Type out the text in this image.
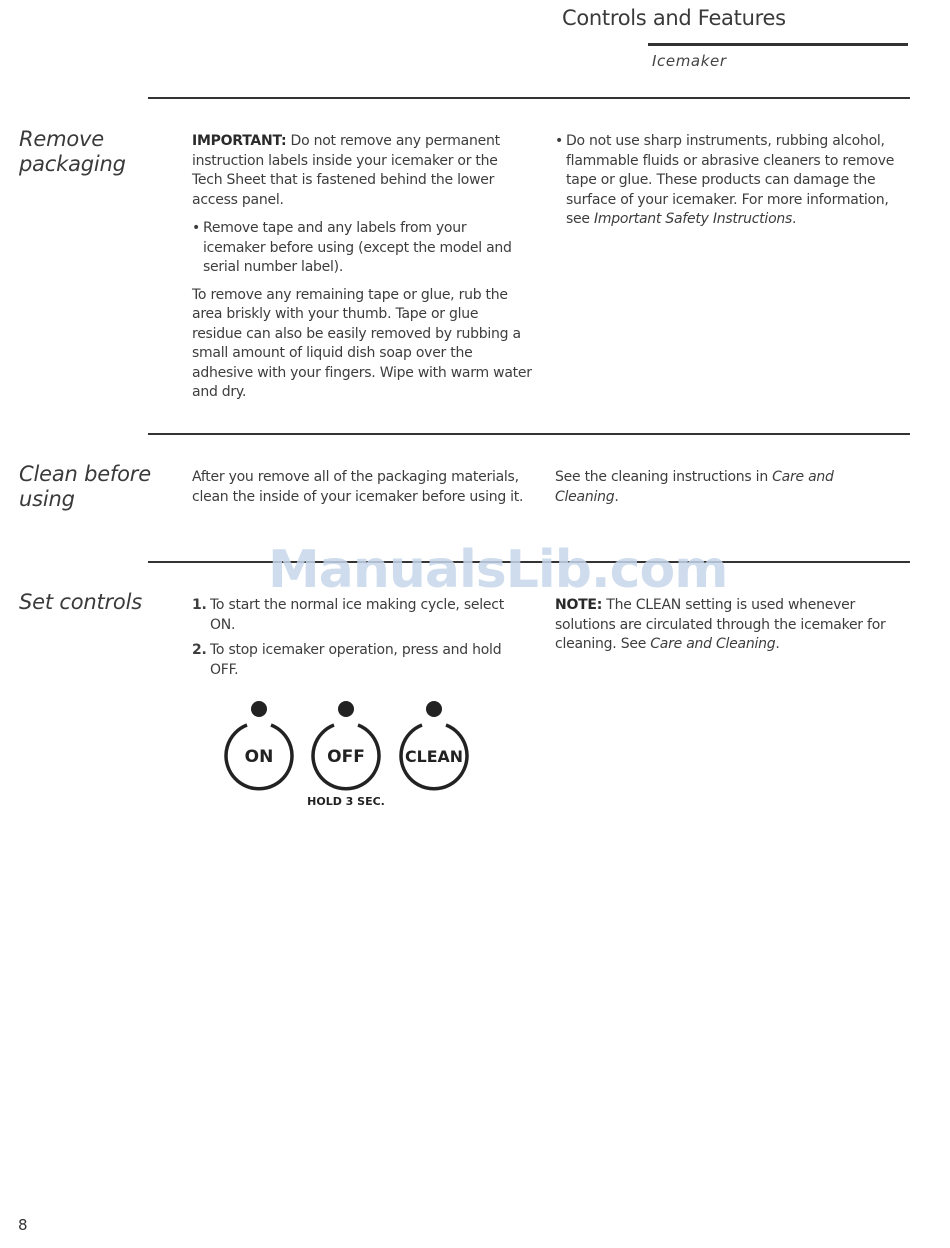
Controls and Features
Icemaker
Remove
packaging

IMPORTANT: Do not remove any permanent instruction labels inside your icemaker or the Tech Sheet that is fastened behind the lower access panel.

• Remove tape and any labels from your icemaker before using (except the model and serial number label).

To remove any remaining tape or glue, rub the area briskly with your thumb. Tape or glue residue can also be easily removed by rubbing a small amount of liquid dish soap over the adhesive with your fingers. Wipe with warm water and dry.

• Do not use sharp instruments, rubbing alcohol, flammable fluids or abrasive cleaners to remove tape or glue. These products can damage the surface of your icemaker. For more information, see Important Safety Instructions.

Clean before
using

After you remove all of the packaging materials, clean the inside of your icemaker before using it.

See the cleaning instructions in Care and Cleaning.

ManualsLib.com
Set controls	1. To start the normal ice making cycle, select ON.

2. To stop icemaker operation, press and hold OFF.

NOTE: The CLEAN setting is used whenever solutions are circulated through the icemaker for cleaning. See Care and Cleaning.

ON	OFF	CLEAN
HOLD 3 SEC.
8
